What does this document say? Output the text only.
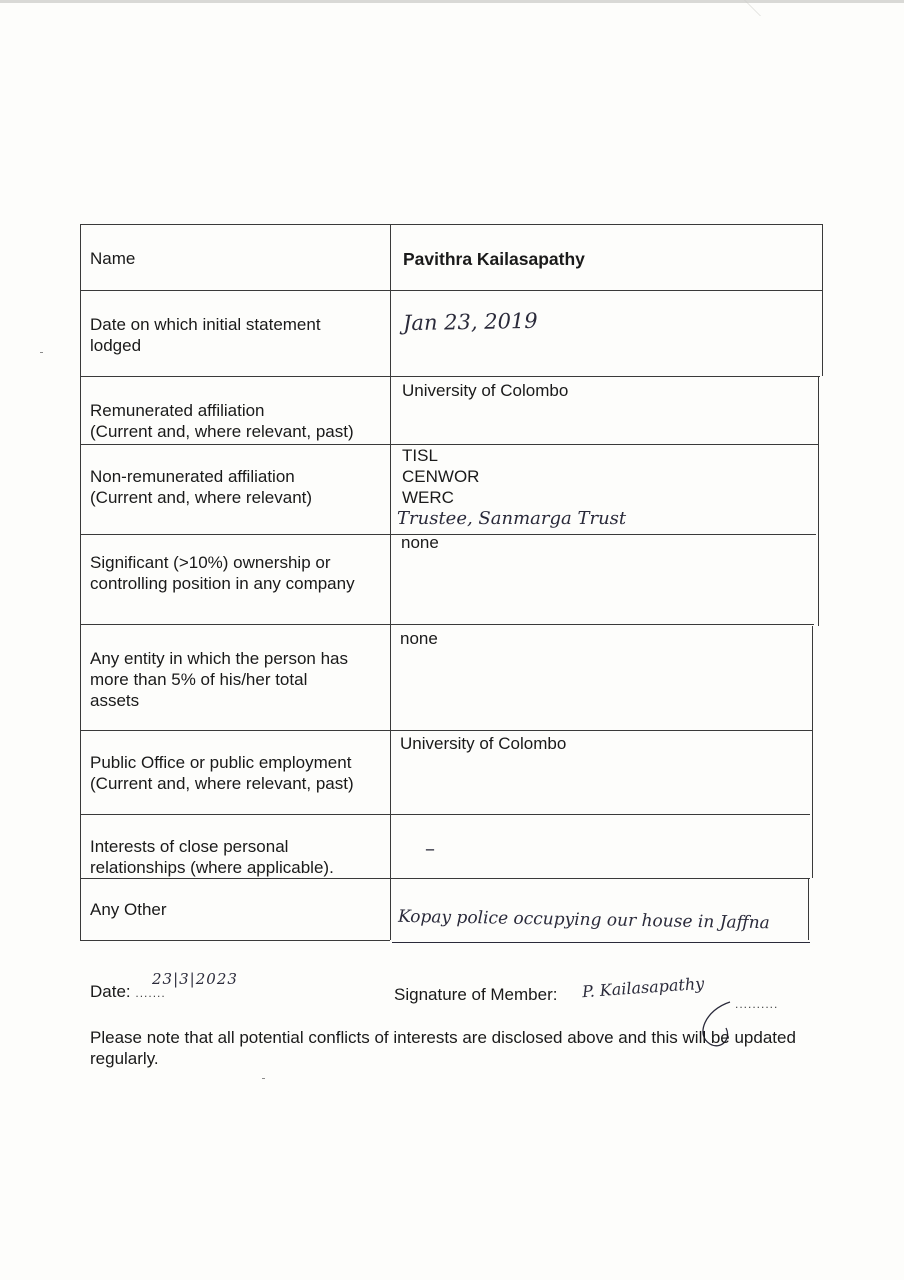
Name	Pavithra Kailasapathy
Date on which initial statement
lodged
Jan 23, 2019
Remunerated affiliation
(Current and, where relevant, past)
University of Colombo
Non-remunerated affiliation
(Current and, where relevant)
TISL
CENWOR
WERC
Trustee, Sanmarga Trust
Significant (>10%) ownership or
controlling position in any company
none
Any entity in which the person has
more than 5% of his/her total
assets
none
Public Office or public employment
(Current and, where relevant, past)
University of Colombo
Interests of close personal
relationships (where applicable).
–
Any Other	Kopay police occupying our house in Jaffna
Date: .......
23|3|2023
Signature of Member: P. Kailasapathy
..........
Please note that all potential conflicts of interests are disclosed above and this will be updated regularly.
